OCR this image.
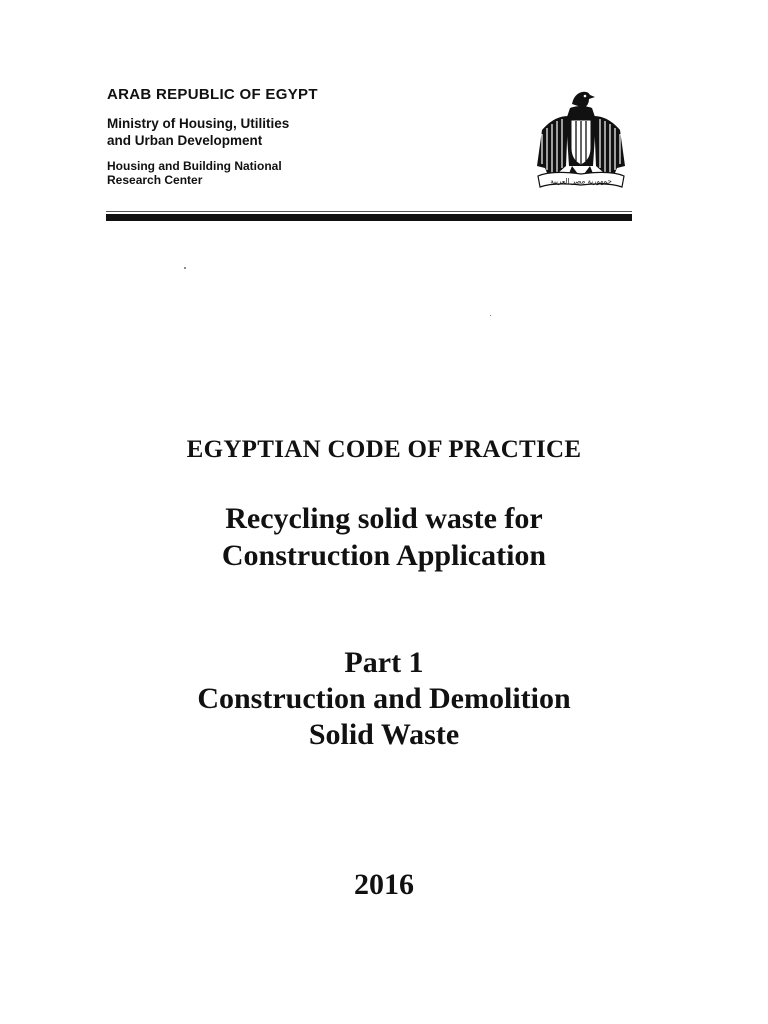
ARAB REPUBLIC OF EGYPT

Ministry of Housing, Utilities
and Urban Development

Housing and Building National
Research Center	جمهورية مصر العربية
EGYPTIAN CODE OF PRACTICE
Recycling solid waste for
Construction Application
Part 1
Construction and Demolition
Solid Waste
2016
